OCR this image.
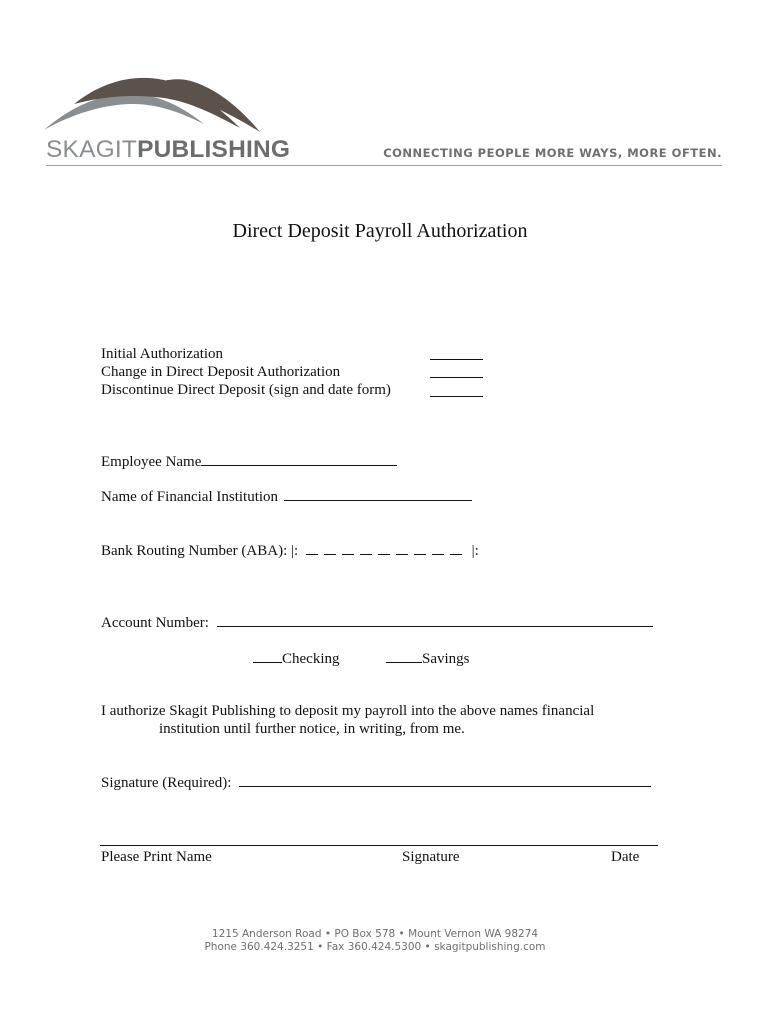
SKAGITPUBLISHING	CONNECTING PEOPLE MORE WAYS, MORE OFTEN.
Direct Deposit Payroll Authorization
Initial Authorization
Change in Direct Deposit Authorization
Discontinue Direct Deposit (sign and date form)
Employee Name
Name of Financial Institution
Bank Routing Number (ABA): |:	|:
Account Number:
Checking	Savings
I authorize Skagit Publishing to deposit my payroll into the above names financial
institution until further notice, in writing, from me.
Signature (Required):
Please Print Name	Signature	Date
1215 Anderson Road • PO Box 578 • Mount Vernon WA 98274
Phone 360.424.3251 • Fax 360.424.5300 • skagitpublishing.com
